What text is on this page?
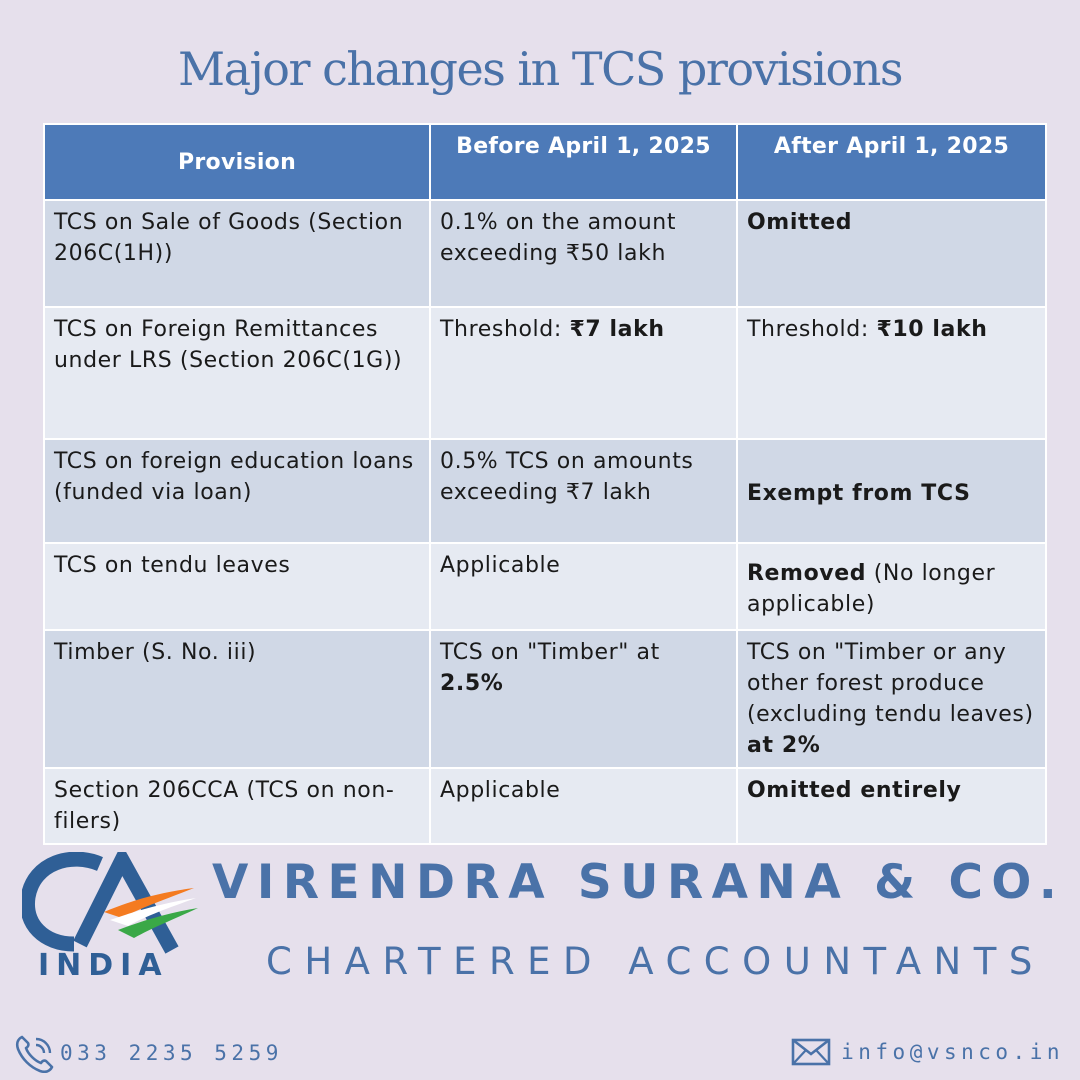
Major changes in TCS provisions
Provision	Before April 1, 2025	After April 1, 2025
TCS on Sale of Goods (Section 206C(1H))	0.1% on the amount exceeding ₹50 lakh	Omitted
TCS on Foreign Remittances under LRS (Section 206C(1G))	Threshold: ₹7 lakh	Threshold: ₹10 lakh
TCS on foreign education loans (funded via loan)	0.5% TCS on amounts exceeding ₹7 lakh	Exempt from TCS
TCS on tendu leaves	Applicable	Removed (No longer applicable)
Timber (S. No. iii)	TCS on "Timber" at 2.5%	TCS on "Timber or any other forest produce (excluding tendu leaves) at 2%
Section 206CCA (TCS on non-filers)	Applicable	Omitted entirely
INDIA
VIRENDRA SURANA & CO.
CHARTERED ACCOUNTANTS
033 2235 5259	info@vsnco.in
